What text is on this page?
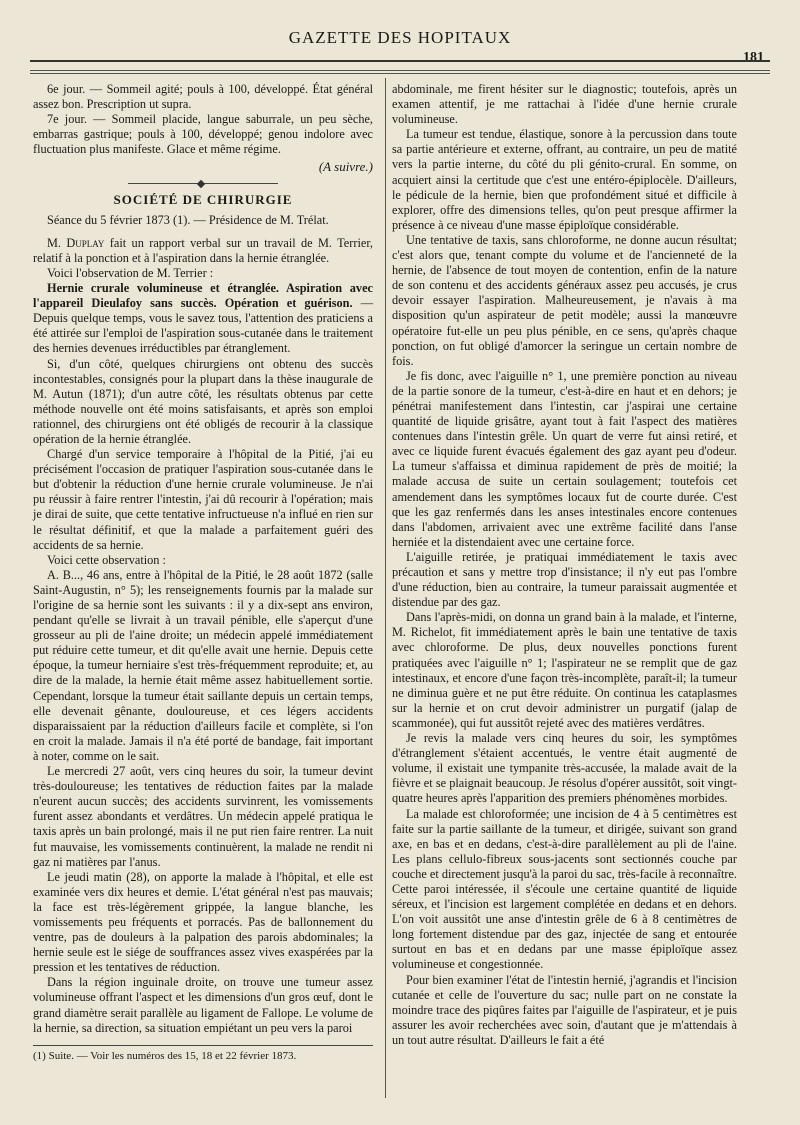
GAZETTE DES HOPITAUX
181

6e jour. — Sommeil agité; pouls à 100, développé. État général assez bon. Prescription ut supra.

7e jour. — Sommeil placide, langue saburrale, un peu sèche, embarras gastrique; pouls à 100, développé; genou indolore avec fluctuation plus manifeste. Glace et même régime.

(A suivre.)

SOCIÉTÉ DE CHIRURGIE

Séance du 5 février 1873 (1). — Présidence de M. Trélat.

M. Duplay fait un rapport verbal sur un travail de M. Terrier, relatif à la ponction et à l'aspiration dans la hernie étranglée.

Voici l'observation de M. Terrier :

Hernie crurale volumineuse et étranglée. Aspiration avec l'appareil Dieulafoy sans succès. Opération et guérison. — Depuis quelque temps, vous le savez tous, l'attention des praticiens a été attirée sur l'emploi de l'aspiration sous-cutanée dans le traitement des hernies devenues irréductibles par étranglement.

Si, d'un côté, quelques chirurgiens ont obtenu des succès incontestables, consignés pour la plupart dans la thèse inaugurale de M. Autun (1871); d'un autre côté, les résultats obtenus par cette méthode nouvelle ont été moins satisfaisants, et après son emploi rationnel, des chirurgiens ont été obligés de recourir à la classique opération de la hernie étranglée.

Chargé d'un service temporaire à l'hôpital de la Pitié, j'ai eu précisément l'occasion de pratiquer l'aspiration sous-cutanée dans le but d'obtenir la réduction d'une hernie crurale volumineuse. Je n'ai pu réussir à faire rentrer l'intestin, j'ai dû recourir à l'opération; mais je dirai de suite, que cette tentative infructueuse n'a influé en rien sur le résultat définitif, et que la malade a parfaitement guéri des accidents de sa hernie.

Voici cette observation :

A. B..., 46 ans, entre à l'hôpital de la Pitié, le 28 août 1872 (salle Saint-Augustin, n° 5); les renseignements fournis par la malade sur l'origine de sa hernie sont les suivants : il y a dix-sept ans environ, pendant qu'elle se livrait à un travail pénible, elle s'aperçut d'une grosseur au pli de l'aine droite; un médecin appelé immédiatement put réduire cette tumeur, et dit qu'elle avait une hernie. Depuis cette époque, la tumeur herniaire s'est très-fréquemment reproduite; et, au dire de la malade, la hernie était même assez habituellement sortie. Cependant, lorsque la tumeur était saillante depuis un certain temps, elle devenait gênante, douloureuse, et ces légers accidents disparaissaient par la réduction d'ailleurs facile et complète, si l'on en croit la malade. Jamais il n'a été porté de bandage, fait important à noter, comme on le sait.

Le mercredi 27 août, vers cinq heures du soir, la tumeur devint très-douloureuse; les tentatives de réduction faites par la malade n'eurent aucun succès; des accidents survinrent, les vomissements furent assez abondants et verdâtres. Un médecin appelé pratiqua le taxis après un bain prolongé, mais il ne put rien faire rentrer. La nuit fut mauvaise, les vomissements continuèrent, la malade ne rendit ni gaz ni matières par l'anus.

Le jeudi matin (28), on apporte la malade à l'hôpital, et elle est examinée vers dix heures et demie. L'état général n'est pas mauvais; la face est très-légèrement grippée, la langue blanche, les vomissements peu fréquents et porracés. Pas de ballonnement du ventre, pas de douleurs à la palpation des parois abdominales; la hernie seule est le siége de souffrances assez vives exaspérées par la pression et les tentatives de réduction.

Dans la région inguinale droite, on trouve une tumeur assez volumineuse offrant l'aspect et les dimensions d'un gros œuf, dont le grand diamètre serait parallèle au ligament de Fallope. Le volume de la hernie, sa direction, sa situation empiétant un peu vers la paroi

(1) Suite. — Voir les numéros des 15, 18 et 22 février 1873.

abdominale, me firent hésiter sur le diagnostic; toutefois, après un examen attentif, je me rattachai à l'idée d'une hernie crurale volumineuse.

La tumeur est tendue, élastique, sonore à la percussion dans toute sa partie antérieure et externe, offrant, au contraire, un peu de matité vers la partie interne, du côté du pli génito-crural. En somme, on acquiert ainsi la certitude que c'est une entéro-épiplocèle. D'ailleurs, le pédicule de la hernie, bien que profondément situé et difficile à explorer, offre des dimensions telles, qu'on peut presque affirmer la présence à ce niveau d'une masse épiploïque considérable.

Une tentative de taxis, sans chloroforme, ne donne aucun résultat; c'est alors que, tenant compte du volume et de l'ancienneté de la hernie, de l'absence de tout moyen de contention, enfin de la nature de son contenu et des accidents généraux assez peu accusés, je crus devoir essayer l'aspiration. Malheureusement, je n'avais à ma disposition qu'un aspirateur de petit modèle; aussi la manœuvre opératoire fut-elle un peu plus pénible, en ce sens, qu'après chaque ponction, on fut obligé d'amorcer la seringue un certain nombre de fois.

Je fis donc, avec l'aiguille n° 1, une première ponction au niveau de la partie sonore de la tumeur, c'est-à-dire en haut et en dehors; je pénétrai manifestement dans l'intestin, car j'aspirai une certaine quantité de liquide grisâtre, ayant tout à fait l'aspect des matières contenues dans l'intestin grêle. Un quart de verre fut ainsi retiré, et avec ce liquide furent évacués également des gaz ayant peu d'odeur. La tumeur s'affaissa et diminua rapidement de près de moitié; la malade accusa de suite un certain soulagement; toutefois cet amendement dans les symptômes locaux fut de courte durée. C'est que les gaz renfermés dans les anses intestinales encore contenues dans l'abdomen, arrivaient avec une extrême facilité dans l'anse herniée et la distendaient avec une certaine force.

L'aiguille retirée, je pratiquai immédiatement le taxis avec précaution et sans y mettre trop d'insistance; il n'y eut pas l'ombre d'une réduction, bien au contraire, la tumeur paraissait augmentée et distendue par des gaz.

Dans l'après-midi, on donna un grand bain à la malade, et l'interne, M. Richelot, fit immédiatement après le bain une tentative de taxis avec chloroforme. De plus, deux nouvelles ponctions furent pratiquées avec l'aiguille n° 1; l'aspirateur ne se remplit que de gaz intestinaux, et encore d'une façon très-incomplète, paraît-il; la tumeur ne diminua guère et ne put être réduite. On continua les cataplasmes sur la hernie et on crut devoir administrer un purgatif (jalap de scammonée), qui fut aussitôt rejeté avec des matières verdâtres.

Je revis la malade vers cinq heures du soir, les symptômes d'étranglement s'étaient accentués, le ventre était augmenté de volume, il existait une tympanite très-accusée, la malade avait de la fièvre et se plaignait beaucoup. Je résolus d'opérer aussitôt, soit vingt-quatre heures après l'apparition des premiers phénomènes morbides.

La malade est chloroformée; une incision de 4 à 5 centimètres est faite sur la partie saillante de la tumeur, et dirigée, suivant son grand axe, en bas et en dedans, c'est-à-dire parallèlement au pli de l'aine. Les plans cellulo-fibreux sous-jacents sont sectionnés couche par couche et directement jusqu'à la paroi du sac, très-facile à reconnaître. Cette paroi intéressée, il s'écoule une certaine quantité de liquide séreux, et l'incision est largement complétée en dedans et en dehors. L'on voit aussitôt une anse d'intestin grêle de 6 à 8 centimètres de long fortement distendue par des gaz, injectée de sang et entourée surtout en bas et en dedans par une masse épiploïque assez volumineuse et congestionnée.

Pour bien examiner l'état de l'intestin hernié, j'agrandis et l'incision cutanée et celle de l'ouverture du sac; nulle part on ne constate la moindre trace des piqûres faites par l'aiguille de l'aspirateur, et je puis assurer les avoir recherchées avec soin, d'autant que je m'attendais à un tout autre résultat. D'ailleurs le fait a été
